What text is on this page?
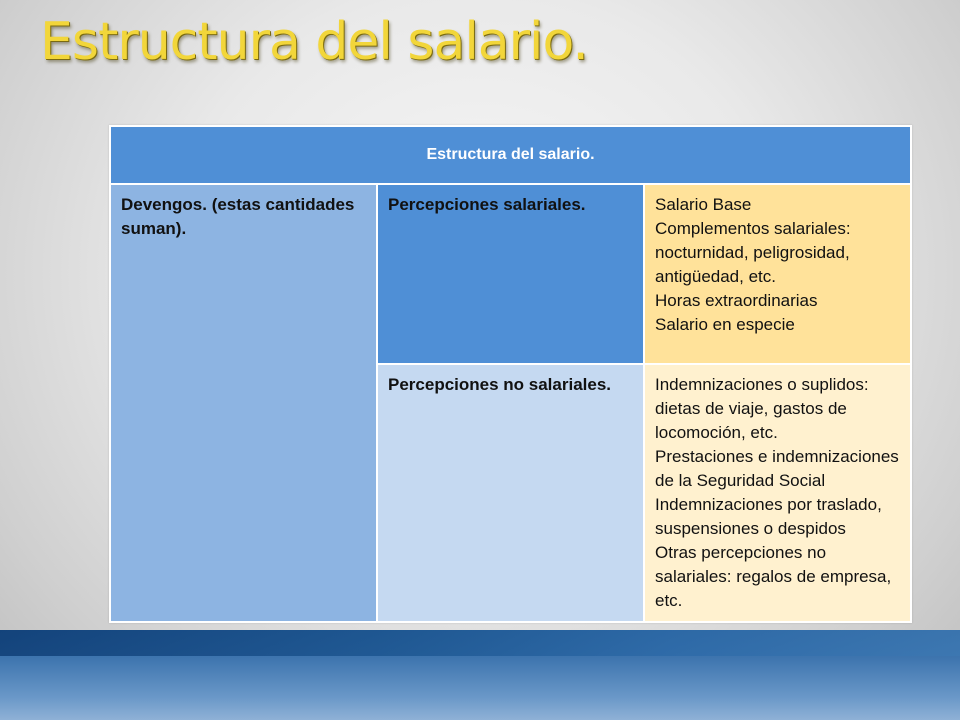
Estructura del salario.
Estructura del salario.		
Devengos. (estas cantidades suman).	Percepciones salariales.	Salario Base
Complementos salariales: nocturnidad, peligrosidad, antigüedad, etc.
Horas extraordinarias
Salario en especie

	Percepciones no salariales.	Indemnizaciones o suplidos: dietas de viaje, gastos de locomoción, etc.
Prestaciones e indemnizaciones de la Seguridad Social
Indemnizaciones por traslado, suspensiones o despidos
Otras percepciones no salariales: regalos de empresa, etc.
